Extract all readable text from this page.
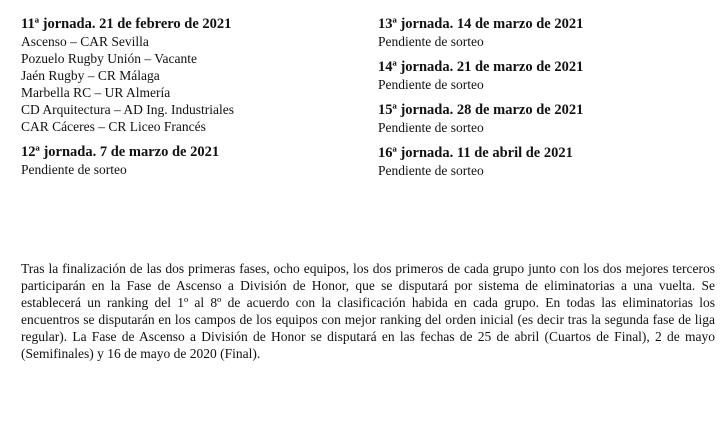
11ª jornada. 21 de febrero de 2021
Ascenso – CAR Sevilla
Pozuelo Rugby Unión – Vacante
Jaén Rugby – CR Málaga
Marbella RC – UR Almería
CD Arquitectura – AD Ing. Industriales
CAR Cáceres – CR Liceo Francés
12ª jornada. 7 de marzo de 2021
Pendiente de sorteo
13ª jornada. 14 de marzo de 2021
Pendiente de sorteo
14ª jornada. 21 de marzo de 2021
Pendiente de sorteo
15ª jornada. 28 de marzo de 2021
Pendiente de sorteo
16ª jornada. 11 de abril de 2021
Pendiente de sorteo

Tras la finalización de las dos primeras fases, ocho equipos, los dos primeros de cada grupo junto con los dos mejores terceros participarán en la Fase de Ascenso a División de Honor, que se disputará por sistema de eliminatorias a una vuelta. Se establecerá un ranking del 1º al 8º de acuerdo con la clasificación habida en cada grupo. En todas las eliminatorias los encuentros se disputarán en los campos de los equipos con mejor ranking del orden inicial (es decir tras la segunda fase de liga regular). La Fase de Ascenso a División de Honor se disputará en las fechas de 25 de abril (Cuartos de Final), 2 de mayo (Semifinales) y 16 de mayo de 2020 (Final).
